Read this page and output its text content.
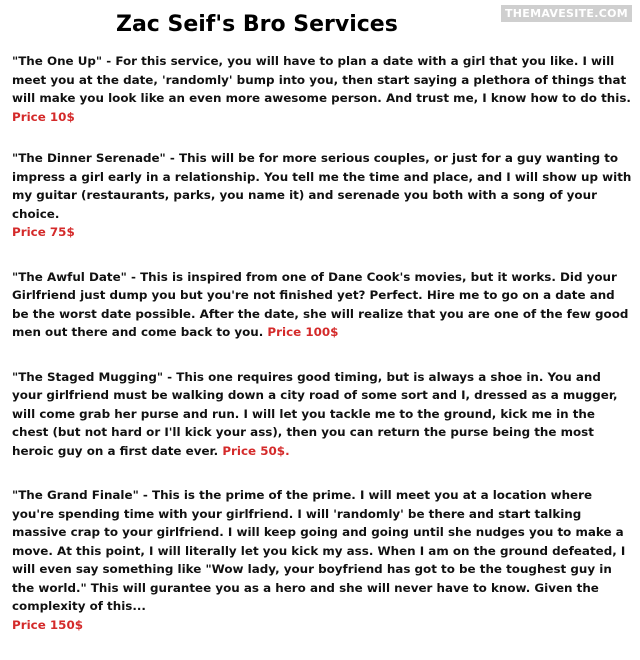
Zac Seif's Bro Services	THEMAVESITE.COM

"The One Up" - For this service, you will have to plan a date with a girl that you like. I will meet you at the date, 'randomly' bump into you, then start saying a plethora of things that will make you look like an even more awesome person. And trust me, I know how to do this.
Price 10$

"The Dinner Serenade" - This will be for more serious couples, or just for a guy wanting to impress a girl early in a relationship. You tell me the time and place, and I will show up with my guitar (restaurants, parks, you name it) and serenade you both with a song of your choice.
Price 75$

"The Awful Date" - This is inspired from one of Dane Cook's movies, but it works. Did your Girlfriend just dump you but you're not finished yet? Perfect. Hire me to go on a date and be the worst date possible. After the date, she will realize that you are one of the few good men out there and come back to you. Price 100$

"The Staged Mugging" - This one requires good timing, but is always a shoe in. You and your girlfriend must be walking down a city road of some sort and I, dressed as a mugger, will come grab her purse and run. I will let you tackle me to the ground, kick me in the chest (but not hard or I'll kick your ass), then you can return the purse being the most heroic guy on a first date ever. Price 50$.

"The Grand Finale" - This is the prime of the prime. I will meet you at a location where you're spending time with your girlfriend. I will 'randomly' be there and start talking massive crap to your girlfriend. I will keep going and going until she nudges you to make a move. At this point, I will literally let you kick my ass. When I am on the ground defeated, I will even say something like "Wow lady, your boyfriend has got to be the toughest guy in the world." This will gurantee you as a hero and she will never have to know. Given the complexity of this...
Price 150$
